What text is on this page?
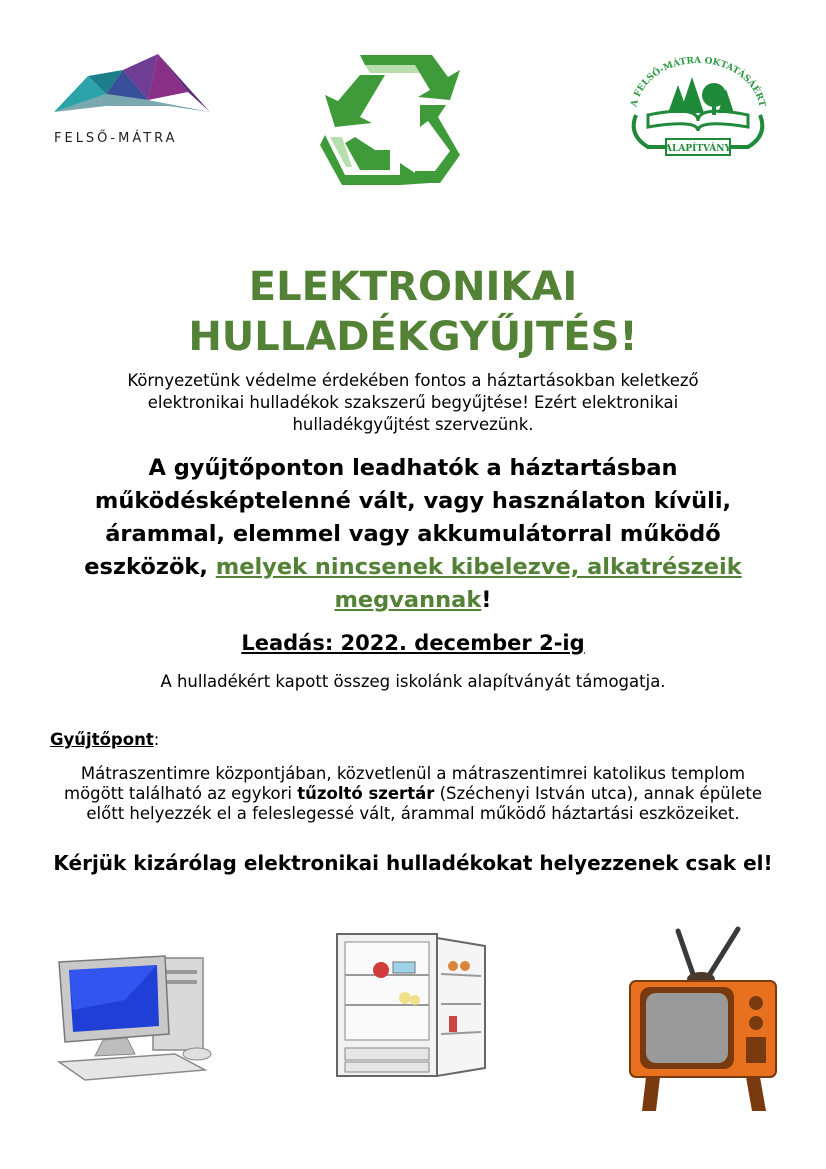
FELSŐ-MÁTRA
A FELSŐ-MÁTRA OKTATÁSÁÉRT
ALAPÍTVÁNY
ELEKTRONIKAI
HULLADÉKGYŰJTÉS!
Környezetünk védelme érdekében fontos a háztartásokban keletkező elektronikai hulladékok szakszerű begyűjtése! Ezért elektronikai hulladékgyűjtést szervezünk.
A gyűjtőponton leadhatók a háztartásban működésképtelenné vált, vagy használaton kívüli, árammal, elemmel vagy akkumulátorral működő eszközök, melyek nincsenek kibelezve, alkatrészeik megvannak!
Leadás: 2022. december 2-ig
A hulladékért kapott összeg iskolánk alapítványát támogatja.
Gyűjtőpont:
Mátraszentimre központjában, közvetlenül a mátraszentimrei katolikus templom mögött található az egykori tűzoltó szertár (Széchenyi István utca), annak épülete előtt helyezzék el a feleslegessé vált, árammal működő háztartási eszközeiket.
Kérjük kizárólag elektronikai hulladékokat helyezzenek csak el!
